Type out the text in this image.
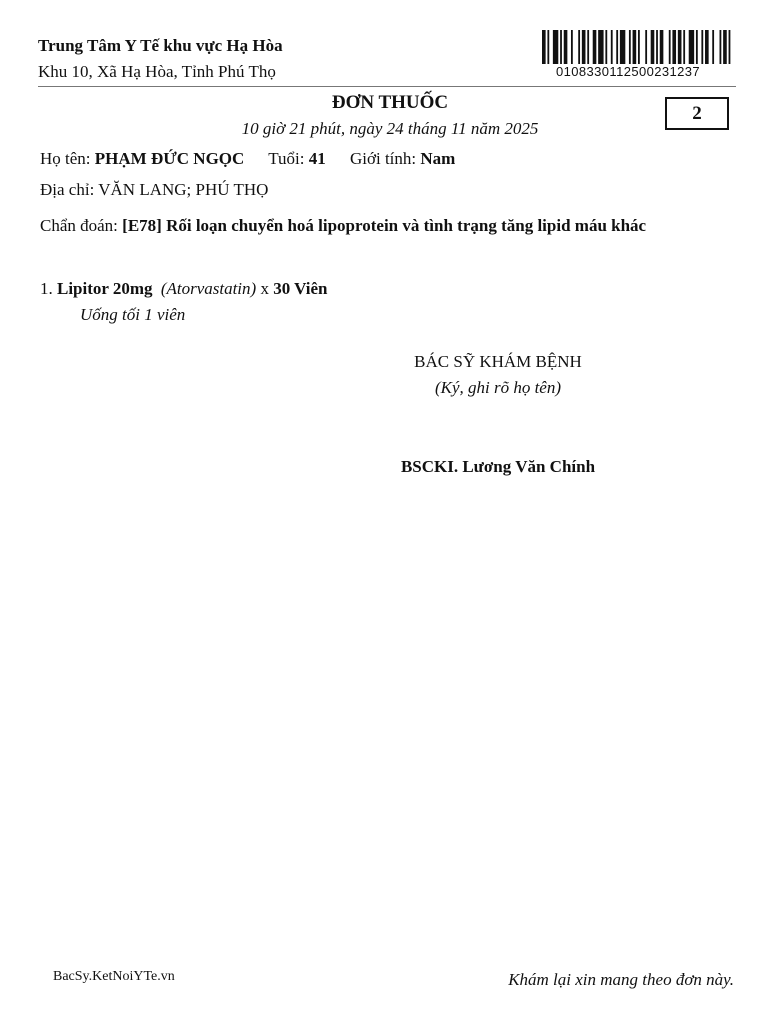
Trung Tâm Y Tế khu vực Hạ Hòa
Khu 10, Xã Hạ Hòa, Tỉnh Phú Thọ	0108330112500231237
ĐƠN THUỐC
10 giờ 21 phút, ngày 24 tháng 11 năm 2025
2
Họ tên: PHẠM ĐỨC NGỌC Tuổi: 41 Giới tính: Nam
Địa chỉ: VĂN LANG; PHÚ THỌ
Chẩn đoán: [E78] Rối loạn chuyển hoá lipoprotein và tình trạng tăng lipid máu khác
1. Lipitor 20mg (Atorvastatin) x 30 Viên
Uống tối 1 viên
BÁC SỸ KHÁM BỆNH
(Ký, ghi rõ họ tên)
BSCKI. Lương Văn Chính
BacSy.KetNoiYTe.vn	Khám lại xin mang theo đơn này.
